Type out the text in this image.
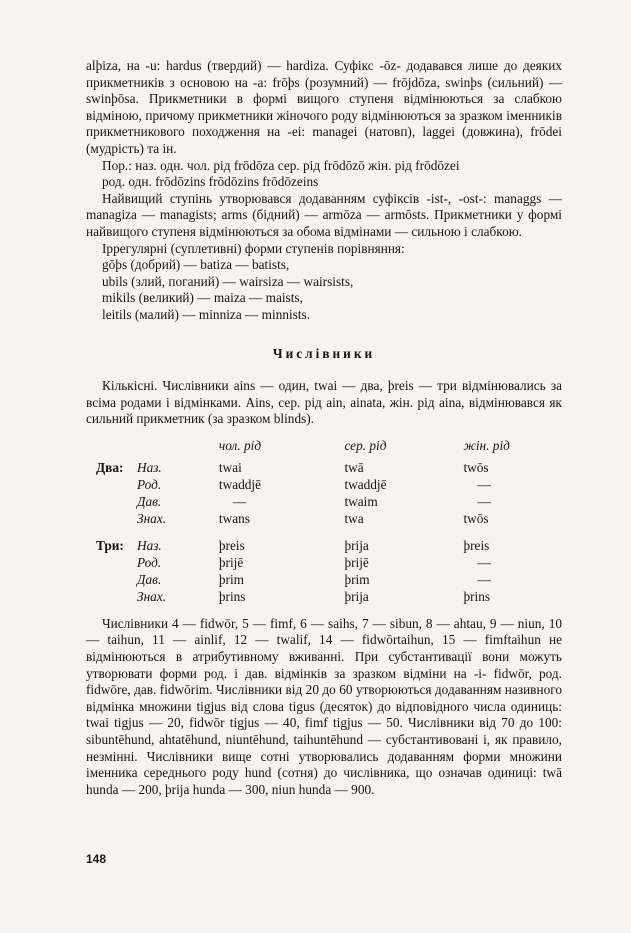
alþiza, на -u: hardus (твердий) — hardiza. Суфікс -ōz- додавався лише до деяких прикметників з основою на -a: frōþs (розумний) — frōjdōza, swinþs (сильний) — swinþōsa. Прикметники в формі вищого ступеня відмінюються за слабкою відміною, причому прикметники жіночого роду відмінюються за зразком іменників прикметникового походження на -ei: managei (натовп), laggei (довжина), frōdei (мудрість) та ін.

Пор.: наз. одн. чол. рід frōdōza сер. рід frōdōzō жін. рід frōdōzei

род. одн. frōdōzins frōdōzins frōdōzeins

Найвищий ступінь утворювався додаванням суфіксів -ist-, -ost-: managgs — managiza — managists; arms (бідний) — armōza — armōsts. Прикметники у формі найвищого ступеня відмінюються за обома відмінами — сильною і слабкою.

Іррегулярні (суплетивні) форми ступенів порівняння:

gōþs (добрий) — batiza — batists,

ubils (злий, поганий) — wairsiza — wairsists,

mikils (великий) — maiza — maists,

leitils (малий) — minniza — minnists.

Числівники

Кількісні. Числівники ains — один, twai — два, þreis — три відмінювались за всіма родами і відмінками. Ains, сер. рід ain, ainata, жін. рід aina, відмінювався як сильний прикметник (за зразком blinds).

		чол. рід	сер. рід	жін. рід
Два:	Наз.	twai	twā	twōs
	Род.	twaddjē	twaddjē	—
	Дав.	—	twaim	—
	Знах.	twans	twa	twōs

Три:	Наз.	þreis	þrija	þreis
	Род.	þrijē	þrijē	—
	Дав.	þrim	þrim	—
	Знах.	þrins	þrija	þrins

Числівники 4 — fidwōr, 5 — fimf, 6 — saihs, 7 — sibun, 8 — ahtau, 9 — niun, 10 — taihun, 11 — ainlif, 12 — twalif, 14 — fidwōrtaihun, 15 — fimftaihun не відмінюються в атрибутивному вживанні. При субстантивації вони можуть утворювати форми род. і дав. відмінків за зразком відміни на -i- fidwōr, род. fidwōre, дав. fidwōrim. Числівники від 20 до 60 утворюються додаванням називного відмінка множини tigjus від слова tigus (десяток) до відповідного числа одиниць: twai tigjus — 20, fidwōr tigjus — 40, fimf tigjus — 50. Числівники від 70 до 100: sibuntēhund, ahtatēhund, niuntēhund, taihuntēhund — субстантивовані і, як правило, незмінні. Числівники вище сотні утворювались додаванням форми множини іменника середнього роду hund (сотня) до числівника, що означав одиниці: twā hunda — 200, þrija hunda — 300, niun hunda — 900.

148
